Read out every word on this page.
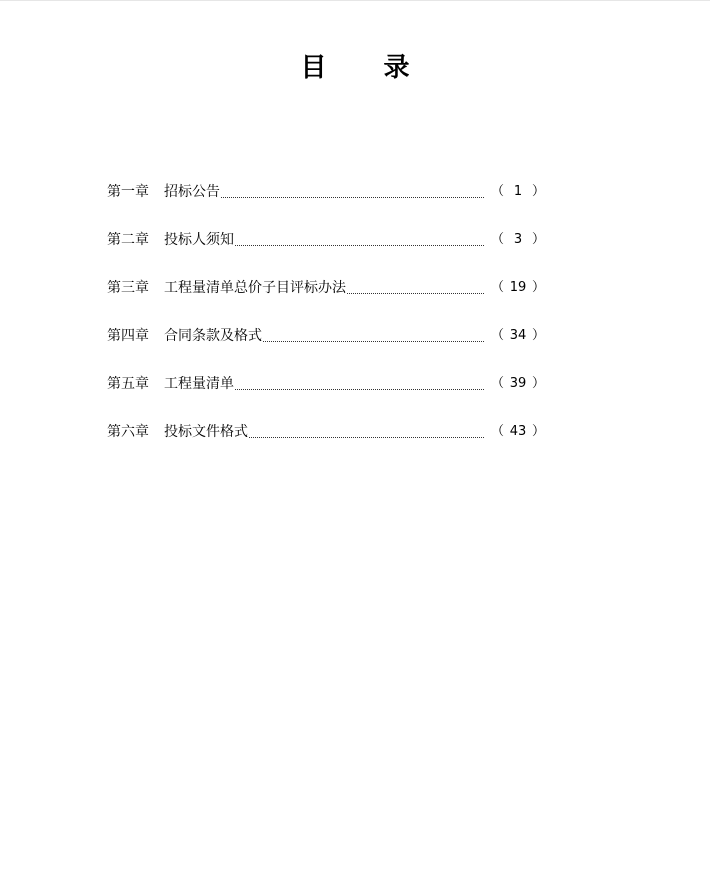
目 录
第一章 招标公告	（ 1 ）
第二章 投标人须知	（ 3 ）
第三章 工程量清单总价子目评标办法	（ 19 ）
第四章 合同条款及格式	（ 34 ）
第五章 工程量清单	（ 39 ）
第六章 投标文件格式	（ 43 ）
